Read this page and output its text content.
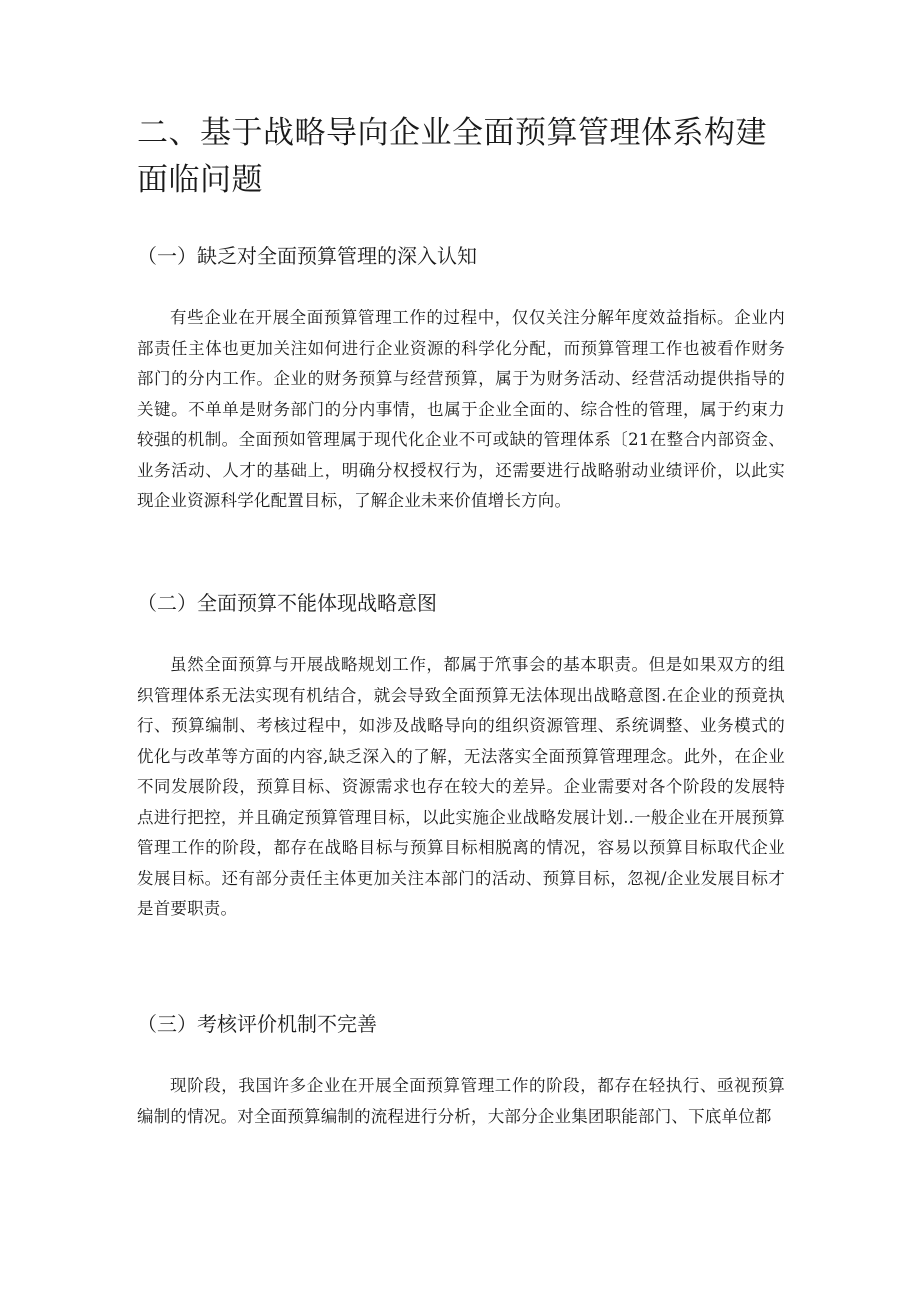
二、基于战略导向企业全面预算管理体系构建面临问题
（一）缺乏对全面预算管理的深入认知

有些企业在开展全面预算管理工作的过程中，仅仅关注分解年度效益指标。企业内部责任主体也更加关注如何进行企业资源的科学化分配，而预算管理工作也被看作财务部门的分内工作。企业的财务预算与经营预算，属于为财务活动、经营活动提供指导的关键。不单单是财务部门的分内事情，也属于企业全面的、综合性的管理，属于约束力较强的机制。全面预如管理属于现代化企业不可或缺的管理体系〔21在整合内部资金、业务活动、人才的基础上，明确分权授权行为，还需要进行战略驸动业绩评价，以此实现企业资源科学化配置目标，了解企业未来价值增长方向。

（二）全面预算不能体现战略意图

虽然全面预算与开展战略规划工作，都属于笊事会的基本职责。但是如果双方的组织管理体系无法实现有机结合，就会导致全面预算无法体现出战略意图.在企业的预竟执行、预算编制、考核过程中，如涉及战略导向的组织资源管理、系统调整、业务模式的优化与改革等方面的内容,缺乏深入的了解，无法落实全面预算管理理念。此外，在企业不同发展阶段，预算目标、资源需求也存在较大的差异。企业需要对各个阶段的发展特点进行把控，并且确定预算管理目标，以此实施企业战略发展计划..一般企业在开展预算管理工作的阶段，都存在战略目标与预算目标相脱离的情况，容易以预算目标取代企业发展目标。还有部分责任主体更加关注本部门的活动、预算目标，忽视/企业发展目标才是首要职责。

（三）考核评价机制不完善

现阶段，我国许多企业在开展全面预算管理工作的阶段，都存在轻执行、亟视预算编制的情况。对全面预算编制的流程进行分析，大部分企业集团职能部门、下底单位都
